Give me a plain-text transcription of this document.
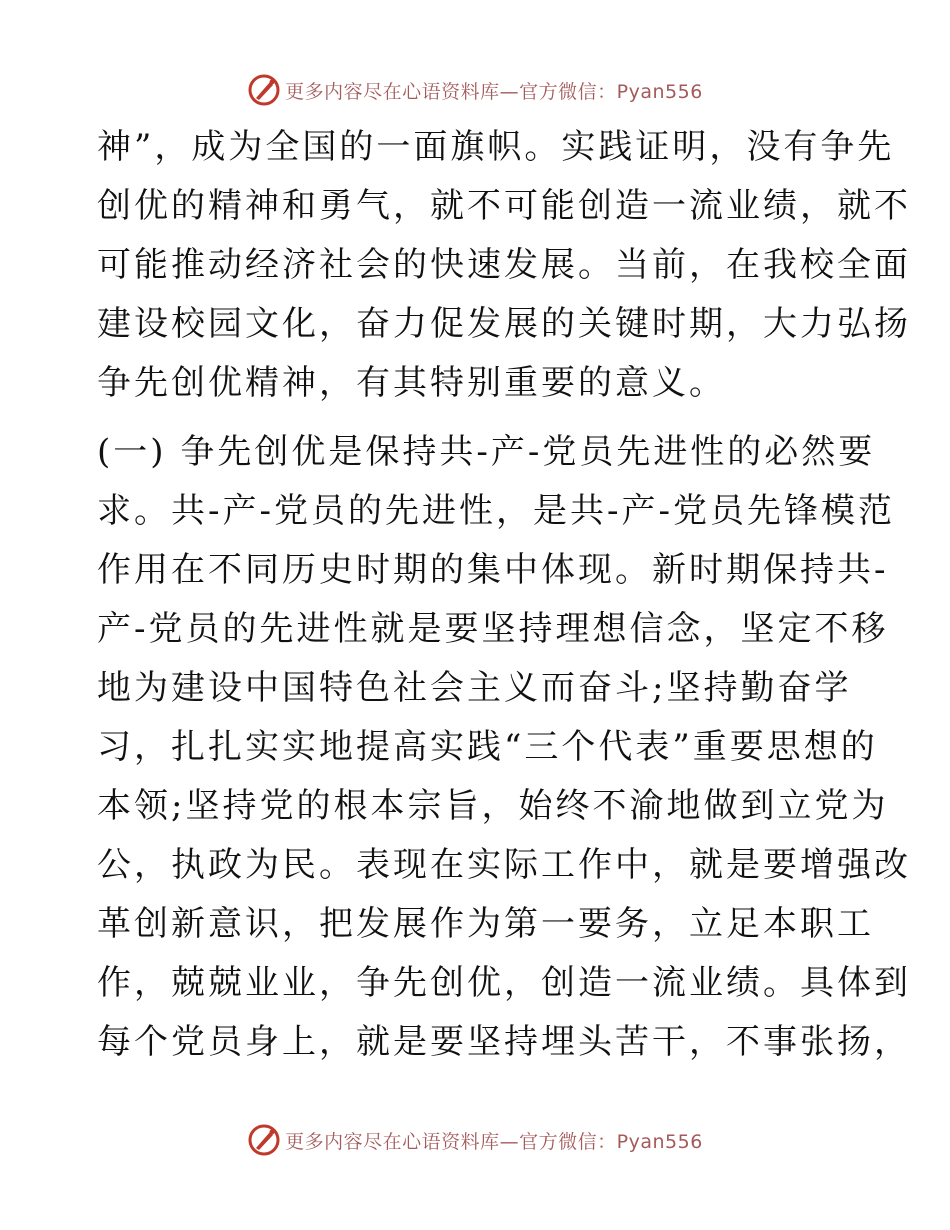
更多内容尽在心语资料库—官方微信：Pyan556
神”，成为全国的一面旗帜。实践证明，没有争先
创优的精神和勇气，就不可能创造一流业绩，就不
可能推动经济社会的快速发展。当前，在我校全面
建设校园文化，奋力促发展的关键时期，大力弘扬
争先创优精神，有其特别重要的意义。
(一) 争先创优是保持共-产-党员先进性的必然要
求。共-产-党员的先进性，是共-产-党员先锋模范
作用在不同历史时期的集中体现。新时期保持共-
产-党员的先进性就是要坚持理想信念，坚定不移
地为建设中国特色社会主义而奋斗;坚持勤奋学
习，扎扎实实地提高实践“三个代表”重要思想的
本领;坚持党的根本宗旨，始终不渝地做到立党为
公，执政为民。表现在实际工作中，就是要增强改
革创新意识，把发展作为第一要务，立足本职工
作，兢兢业业，争先创优，创造一流业绩。具体到
每个党员身上，就是要坚持埋头苦干，不事张扬，
更多内容尽在心语资料库—官方微信：Pyan556
